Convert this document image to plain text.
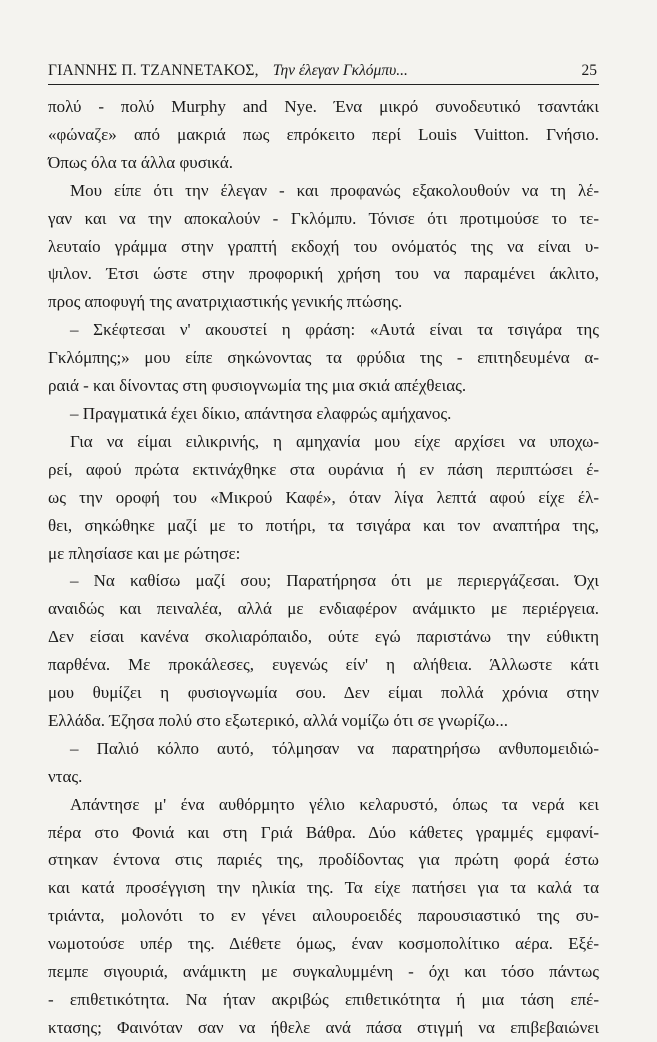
ΓΙΑΝΝΗΣ Π. ΤΖΑΝΝΕΤΑΚΟΣ, Την έλεγαν Γκλόμπυ...	25
πολύ - πολύ Murphy and Nye. Ένα μικρό συνοδευτικό τσαντάκι
«φώναζε» από μακριά πως επρόκειτο περί Louis Vuitton. Γνήσιο.
Όπως όλα τα άλλα φυσικά.
Μου είπε ότι την έλεγαν - και προφανώς εξακολουθούν να τη λέ-
γαν και να την αποκαλούν - Γκλόμπυ. Τόνισε ότι προτιμούσε το τε-
λευταίο γράμμα στην γραπτή εκδοχή του ονόματός της να είναι υ-
ψιλον. Έτσι ώστε στην προφορική χρήση του να παραμένει άκλιτο,
προς αποφυγή της ανατριχιαστικής γενικής πτώσης.
– Σκέφτεσαι ν' ακουστεί η φράση: «Αυτά είναι τα τσιγάρα της
Γκλόμπης;» μου είπε σηκώνοντας τα φρύδια της - επιτηδευμένα α-
ραιά - και δίνοντας στη φυσιογνωμία της μια σκιά απέχθειας.
– Πραγματικά έχει δίκιο, απάντησα ελαφρώς αμήχανος.
Για να είμαι ειλικρινής, η αμηχανία μου είχε αρχίσει να υποχω-
ρεί, αφού πρώτα εκτινάχθηκε στα ουράνια ή εν πάση περιπτώσει έ-
ως την οροφή του «Μικρού Καφέ», όταν λίγα λεπτά αφού είχε έλ-
θει, σηκώθηκε μαζί με το ποτήρι, τα τσιγάρα και τον αναπτήρα της,
με πλησίασε και με ρώτησε:
– Να καθίσω μαζί σου; Παρατήρησα ότι με περιεργάζεσαι. Όχι
αναιδώς και πειναλέα, αλλά με ενδιαφέρον ανάμικτο με περιέργεια.
Δεν είσαι κανένα σκολιαρόπαιδο, ούτε εγώ παριστάνω την εύθικτη
παρθένα. Με προκάλεσες, ευγενώς είν' η αλήθεια. Άλλωστε κάτι
μου θυμίζει η φυσιογνωμία σου. Δεν είμαι πολλά χρόνια στην
Ελλάδα. Έζησα πολύ στο εξωτερικό, αλλά νομίζω ότι σε γνωρίζω...
– Παλιό κόλπο αυτό, τόλμησαν να παρατηρήσω ανθυπομειδιώ-
ντας.
Απάντησε μ' ένα αυθόρμητο γέλιο κελαρυστό, όπως τα νερά κει
πέρα στο Φονιά και στη Γριά Βάθρα. Δύο κάθετες γραμμές εμφανί-
στηκαν έντονα στις παριές της, προδίδοντας για πρώτη φορά έστω
και κατά προσέγγιση την ηλικία της. Τα είχε πατήσει για τα καλά τα
τριάντα, μολονότι το εν γένει αιλουροειδές παρουσιαστικό της συ-
νωμοτούσε υπέρ της. Διέθετε όμως, έναν κοσμοπολίτικο αέρα. Εξέ-
πεμπε σιγουριά, ανάμικτη με συγκαλυμμένη - όχι και τόσο πάντως
- επιθετικότητα. Να ήταν ακριβώς επιθετικότητα ή μια τάση επέ-
κτασης; Φαινόταν σαν να ήθελε ανά πάσα στιγμή να επιβεβαιώνει
